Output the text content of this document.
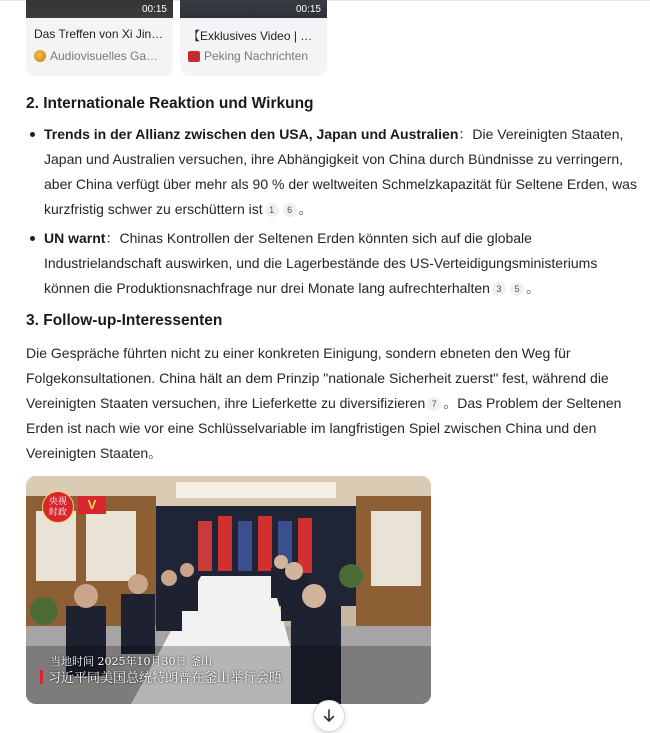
00:15
Das Treffen von Xi Jin…
Audiovisuelles Ga…
00:15
【Exklusives Video | …
Peking Nachrichten
2. Internationale Reaktion und Wirkung
Trends in der Allianz zwischen den USA, Japan und Australien：Die Vereinigten Staaten, Japan und Australien versuchen, ihre Abhängigkeit von China durch Bündnisse zu verringern, aber China verfügt über mehr als 90 % der weltweiten Schmelzkapazität für Seltene Erden, was kurzfristig schwer zu erschüttern ist 1 6 。
UN warnt：Chinas Kontrollen der Seltenen Erden könnten sich auf die globale Industrielandschaft auswirken, und die Lagerbestände des US-Verteidigungsministeriums können die Produktionsnachfrage nur drei Monate lang aufrechterhalten 3 5 。
3. Follow-up-Interessenten
Die Gespräche führten nicht zu einer konkreten Einigung, sondern ebneten den Weg für Folgekonsultationen. China hält an dem Prinzip "nationale Sicherheit zuerst" fest, während die Vereinigten Staaten versuchen, ihre Lieferkette zu diversifizieren 7 。Das Problem der Seltenen Erden ist nach wie vor eine Schlüsselvariable im langfristigen Spiel zwischen China und den Vereinigten Staaten。
央视
时政
V
当地时间 2025年10月30日 釜山
习近平同美国总统特朗普在釜山举行会晤
